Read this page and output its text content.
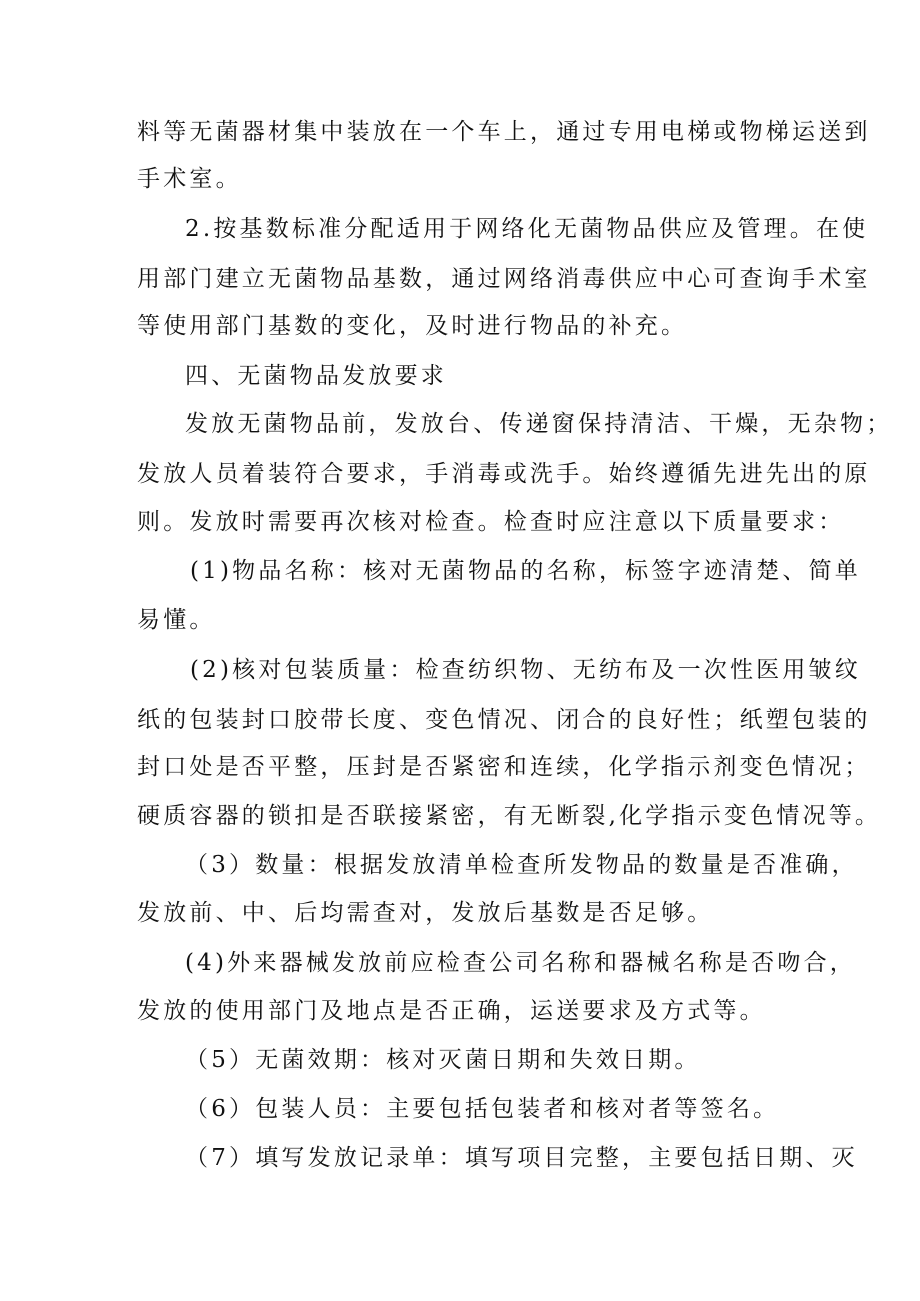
料等无菌器材集中装放在一个车上，通过专用电梯或物梯运送到
手术室。
2.按基数标准分配适用于网络化无菌物品供应及管理。在使
用部门建立无菌物品基数，通过网络消毒供应中心可查询手术室
等使用部门基数的变化，及时进行物品的补充。
四、无菌物品发放要求
发放无菌物品前，发放台、传递窗保持清洁、干燥，无杂物；
发放人员着装符合要求，手消毒或洗手。始终遵循先进先出的原
则。发放时需要再次核对检查。检查时应注意以下质量要求：
(1)物品名称：核对无菌物品的名称，标签字迹清楚、简单
易懂。
(2)核对包装质量：检查纺织物、无纺布及一次性医用皱纹
纸的包装封口胶带长度、变色情况、闭合的良好性；纸塑包装的
封口处是否平整，压封是否紧密和连续，化学指示剂变色情况；
硬质容器的锁扣是否联接紧密，有无断裂,化学指示变色情况等。
（3）数量：根据发放清单检查所发物品的数量是否准确，
发放前、中、后均需查对，发放后基数是否足够。
(4)外来器械发放前应检查公司名称和器械名称是否吻合，
发放的使用部门及地点是否正确，运送要求及方式等。
（5）无菌效期：核对灭菌日期和失效日期。
（6）包装人员：主要包括包装者和核对者等签名。
（7）填写发放记录单：填写项目完整，主要包括日期、灭
